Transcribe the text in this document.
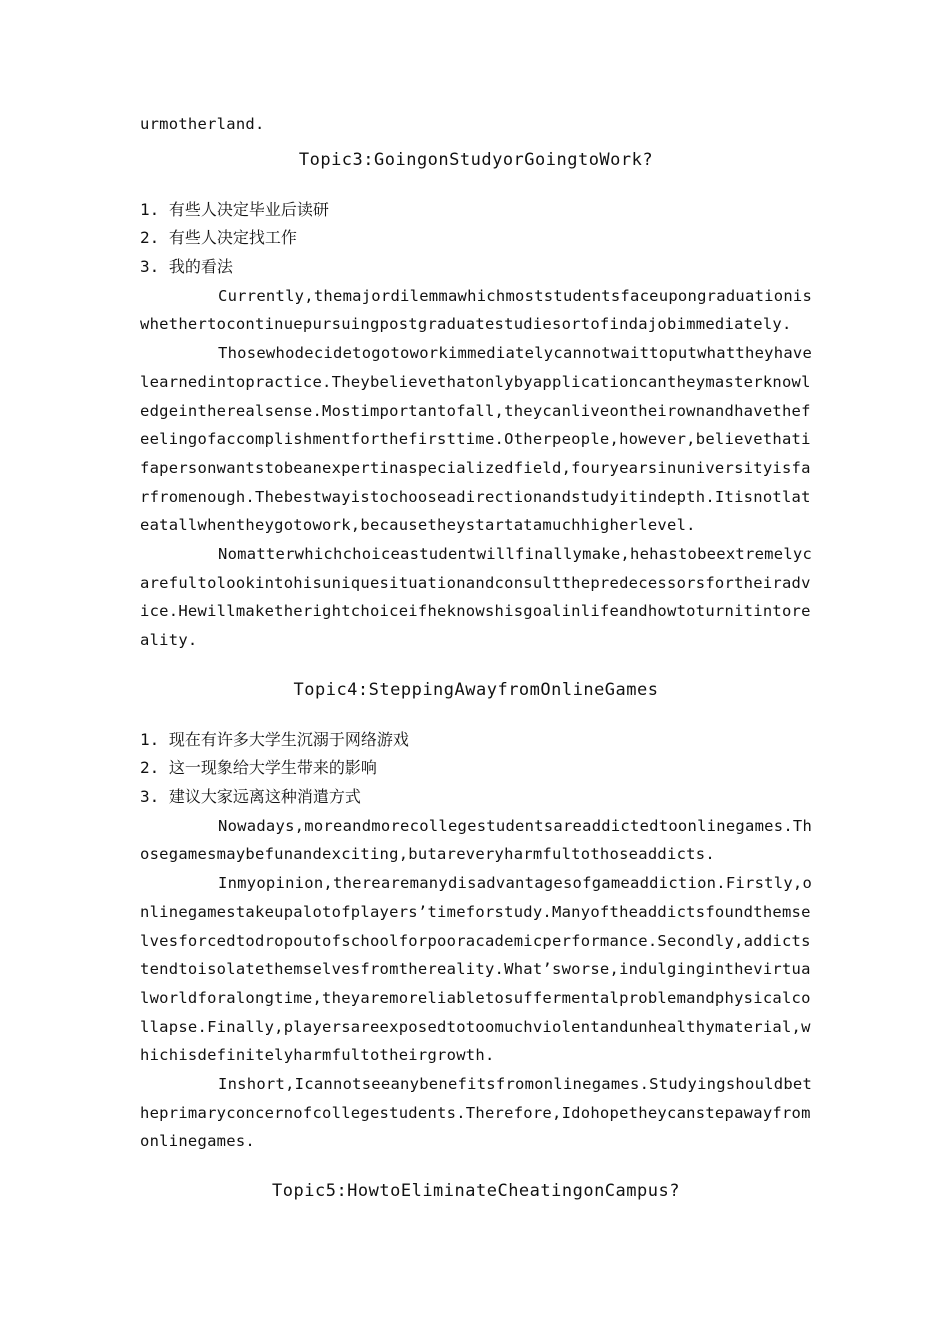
urmotherland.
Topic3:GoingonStudyorGoingtoWork?
1. 有些人决定毕业后读研
2. 有些人决定找工作
3. 我的看法
Currently,themajordilemmawhichmoststudentsfaceupongraduationis
whethertocontinuepursuingpostgraduatestudiesortofindajobimmediately.
Thosewhodecidetogotoworkimmediatelycannotwaittoputwhattheyhave
learnedintopractice.Theybelievethatonlybyapplicationcantheymasterknowl
edgeintherealsense.Mostimportantofall,theycanliveontheirownandhavethef
eelingofaccomplishmentforthefirsttime.Otherpeople,however,believethati
fapersonwantstobeanexpertinaspecializedfield,fouryearsinuniversityisfa
rfromenough.Thebestwayistochooseadirectionandstudyitindepth.Itisnotlat
eatallwhentheygotowork,becausetheystartatamuchhigherlevel.
Nomatterwhichchoiceastudentwillfinallymake,hehastobeextremelyc
arefultolookintohisuniquesituationandconsultthepredecessorsfortheiradv
ice.Hewillmaketherightchoiceifheknowshisgoalinlifeandhowtoturnitintore
ality.
Topic4:SteppingAwayfromOnlineGames
1. 现在有许多大学生沉溺于网络游戏
2. 这一现象给大学生带来的影响
3. 建议大家远离这种消遣方式
Nowadays,moreandmorecollegestudentsareaddictedtoonlinegames.Th
osegamesmaybefunandexciting,butareveryharmfultothoseaddicts.
Inmyopinion,therearemanydisadvantagesofgameaddiction.Firstly,o
nlinegamestakeupalotofplayers’timeforstudy.Manyoftheaddictsfoundthemse
lvesforcedtodropoutofschoolforpooracademicperformance.Secondly,addicts
tendtoisolatethemselvesfromthereality.What’sworse,indulginginthevirtua
lworldforalongtime,theyaremoreliabletosuffermentalproblemandphysicalco
llapse.Finally,playersareexposedtotoomuchviolentandunhealthymaterial,w
hichisdefinitelyharmfultotheirgrowth.
Inshort,Icannotseeanybenefitsfromonlinegames.Studyingshouldbet
heprimaryconcernofcollegestudents.Therefore,Idohopetheycanstepawayfrom
onlinegames.
Topic5:HowtoEliminateCheatingonCampus?
